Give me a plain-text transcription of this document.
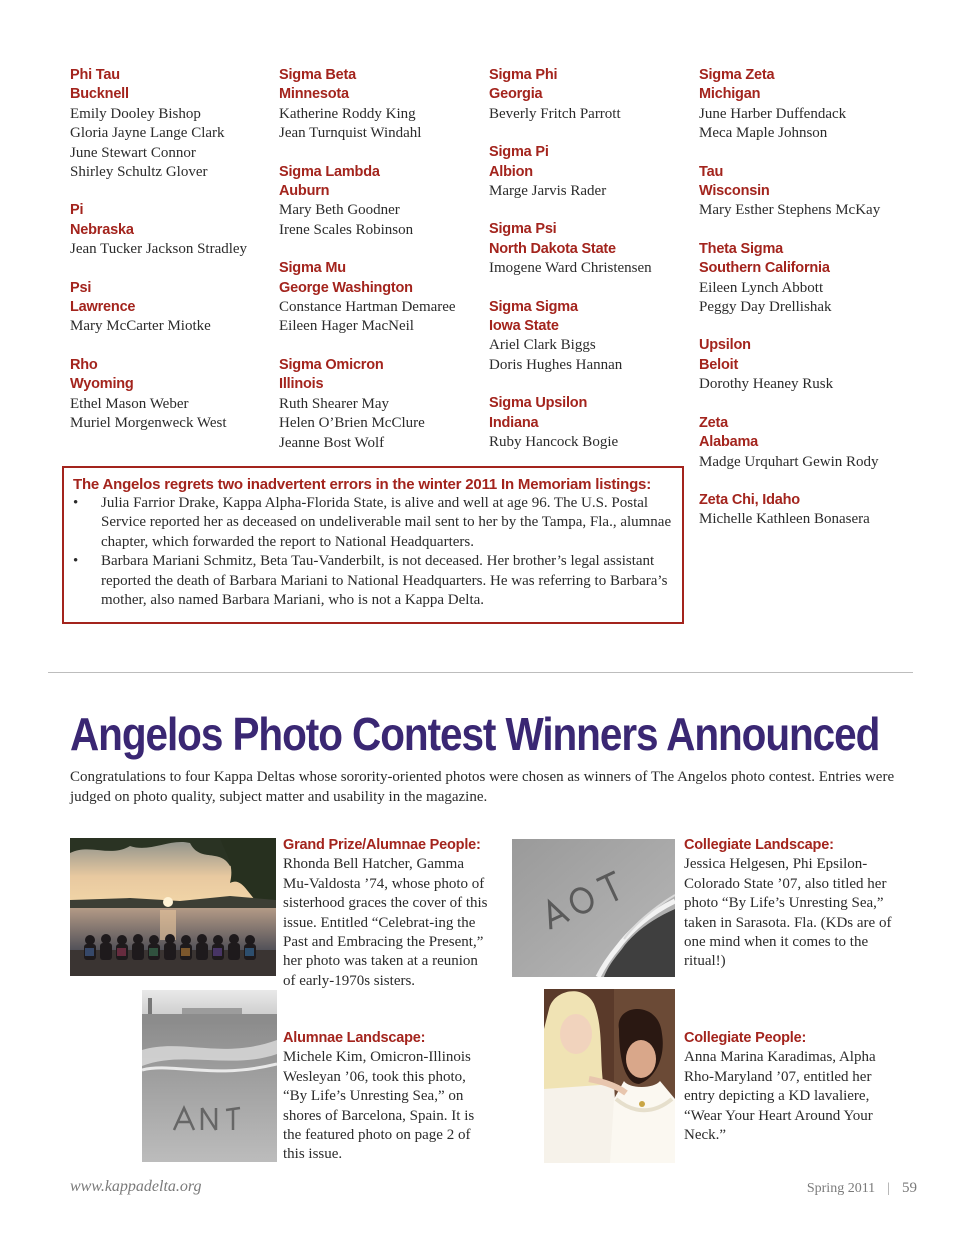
Phi Tau
Bucknell
Emily Dooley Bishop
Gloria Jayne Lange Clark
June Stewart Connor
Shirley Schultz Glover
Pi
Nebraska
Jean Tucker Jackson Stradley
Psi
Lawrence
Mary McCarter Miotke
Rho
Wyoming
Ethel Mason Weber
Muriel Morgenweck West
Sigma Beta
Minnesota
Katherine Roddy King
Jean Turnquist Windahl
Sigma Lambda
Auburn
Mary Beth Goodner
Irene Scales Robinson
Sigma Mu
George Washington
Constance Hartman Demaree
Eileen Hager MacNeil
Sigma Omicron
Illinois
Ruth Shearer May
Helen O’Brien McClure
Jeanne Bost Wolf
Sigma Phi
Georgia
Beverly Fritch Parrott
Sigma Pi
Albion
Marge Jarvis Rader
Sigma Psi
North Dakota State
Imogene Ward Christensen
Sigma Sigma
Iowa State
Ariel Clark Biggs
Doris Hughes Hannan
Sigma Upsilon
Indiana
Ruby Hancock Bogie
Sigma Zeta
Michigan
June Harber Duffendack
Meca Maple Johnson
Tau
Wisconsin
Mary Esther Stephens McKay
Theta Sigma
Southern California
Eileen Lynch Abbott
Peggy Day Drellishak
Upsilon
Beloit
Dorothy Heaney Rusk
Zeta
Alabama
Madge Urquhart Gewin Rody
Zeta Chi, Idaho
Michelle Kathleen Bonasera
The Angelos regrets two inadvertent errors in the winter 2011 In Memoriam listings:
• Julia Farrior Drake, Kappa Alpha-Florida State, is alive and well at age 96. The U.S. Postal Service reported her as deceased on undeliverable mail sent to her by the Tampa, Fla., alumnae chapter, which forwarded the report to National Headquarters.
• Barbara Mariani Schmitz, Beta Tau-Vanderbilt, is not deceased. Her brother’s legal assistant reported the death of Barbara Mariani to National Headquarters. He was referring to Barbara’s mother, also named Barbara Mariani, who is not a Kappa Delta.
Angelos Photo Contest Winners Announced
Congratulations to four Kappa Deltas whose sorority-oriented photos were chosen as winners of The Angelos photo contest. Entries were judged on photo quality, subject matter and usability in the magazine.
Grand Prize/Alumnae People:
Rhonda Bell Hatcher, Gamma Mu-Valdosta ’74, whose photo of sisterhood graces the cover of this issue. Entitled “Celebrat-ing the Past and Embracing the Present,” her photo was taken at a reunion of early-1970s sisters.
Alumnae Landscape:
Michele Kim, Omicron-Illinois Wesleyan ’06, took this photo, “By Life’s Unresting Sea,” on shores of Barcelona, Spain. It is the featured photo on page 2 of this issue.
Collegiate Landscape:
Jessica Helgesen, Phi Epsilon-Colorado State ’07, also titled her photo “By Life’s Unresting Sea,” taken in Sarasota. Fla. (KDs are of one mind when it comes to the ritual!)
Collegiate People:
Anna Marina Karadimas, Alpha Rho-Maryland ’07, entitled her entry depicting a KD lavaliere, “Wear Your Heart Around Your Neck.”
www.kappadelta.org	Spring 2011 | 59
